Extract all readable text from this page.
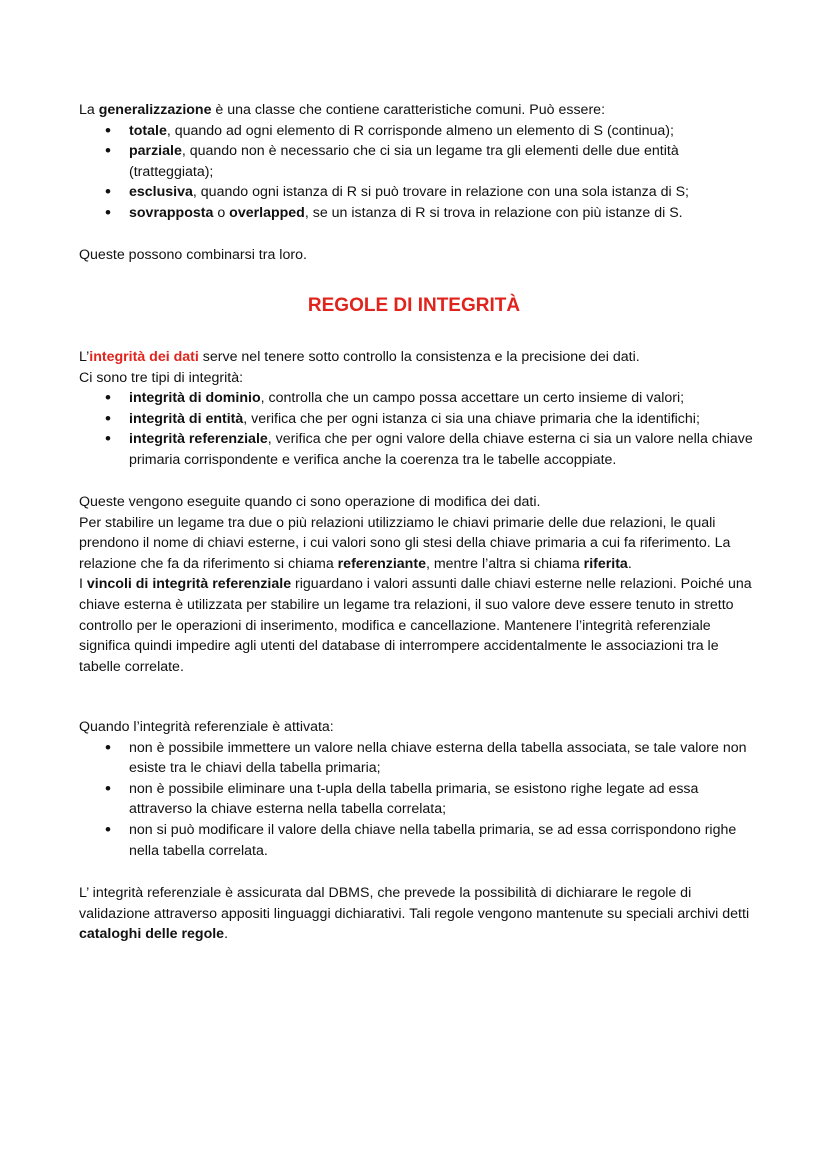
La generalizzazione è una classe che contiene caratteristiche comuni. Può essere:

• totale, quando ad ogni elemento di R corrisponde almeno un elemento di S (continua);
• parziale, quando non è necessario che ci sia un legame tra gli elementi delle due entità (tratteggiata);
• esclusiva, quando ogni istanza di R si può trovare in relazione con una sola istanza di S;
• sovrapposta o overlapped, se un istanza di R si trova in relazione con più istanze di S.

Queste possono combinarsi tra loro.

REGOLE DI INTEGRITÀ

L’integrità dei dati serve nel tenere sotto controllo la consistenza e la precisione dei dati.

Ci sono tre tipi di integrità:

• integrità di dominio, controlla che un campo possa accettare un certo insieme di valori;
• integrità di entità, verifica che per ogni istanza ci sia una chiave primaria che la identifichi;
• integrità referenziale, verifica che per ogni valore della chiave esterna ci sia un valore nella chiave primaria corrispondente e verifica anche la coerenza tra le tabelle accoppiate.

Queste vengono eseguite quando ci sono operazione di modifica dei dati.

Per stabilire un legame tra due o più relazioni utilizziamo le chiavi primarie delle due relazioni, le quali prendono il nome di chiavi esterne, i cui valori sono gli stesi della chiave primaria a cui fa riferimento. La relazione che fa da riferimento si chiama referenziante, mentre l’altra si chiama riferita.

I vincoli di integrità referenziale riguardano i valori assunti dalle chiavi esterne nelle relazioni. Poiché una chiave esterna è utilizzata per stabilire un legame tra relazioni, il suo valore deve essere tenuto in stretto controllo per le operazioni di inserimento, modifica e cancellazione. Mantenere l’integrità referenziale significa quindi impedire agli utenti del database di interrompere accidentalmente le associazioni tra le tabelle correlate.

Quando l’integrità referenziale è attivata:

• non è possibile immettere un valore nella chiave esterna della tabella associata, se tale valore non esiste tra le chiavi della tabella primaria;
• non è possibile eliminare una t-upla della tabella primaria, se esistono righe legate ad essa attraverso la chiave esterna nella tabella correlata;
• non si può modificare il valore della chiave nella tabella primaria, se ad essa corrispondono righe nella tabella correlata.

L’ integrità referenziale è assicurata dal DBMS, che prevede la possibilità di dichiarare le regole di validazione attraverso appositi linguaggi dichiarativi. Tali regole vengono mantenute su speciali archivi detti cataloghi delle regole.
